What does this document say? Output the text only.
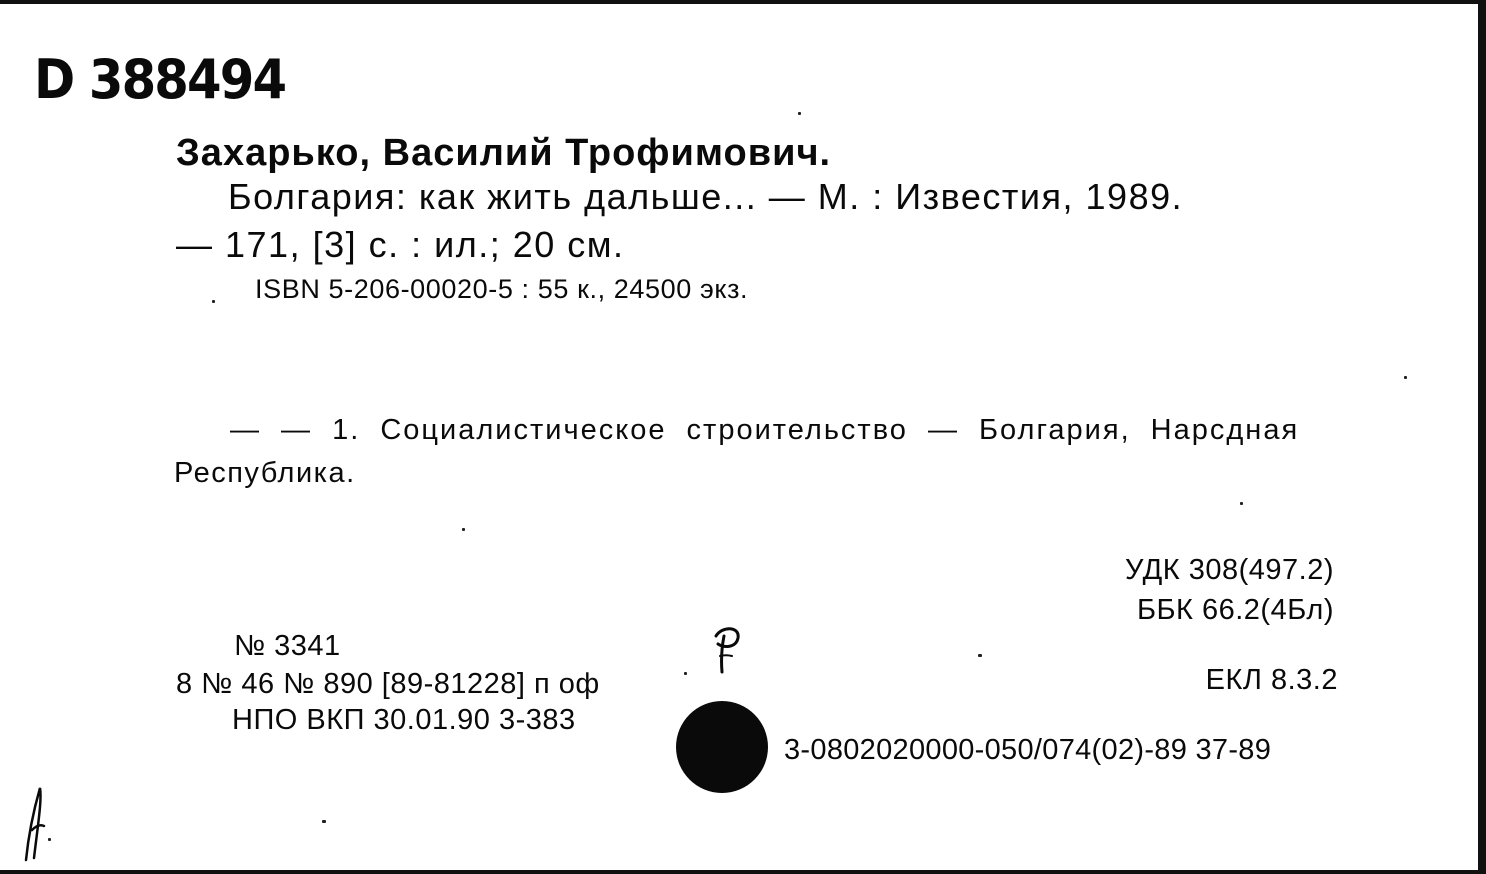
D 388494
Захарько, Василий Трофимович.
Болгария: как жить дальше... — М. : Известия, 1989.
— 171, [3] с. : ил.; 20 см.
ISBN 5-206-00020-5 : 55 к., 24500 экз.
— — 1. Социалистическое строительство — Болгария, Нарсдная
Республика.
УДК 308(497.2)
ББК 66.2(4Бл)
ЕКЛ 8.3.2
№ 3341
8 № 46 № 890 [89-81228] п оф
НПО ВКП 30.01.90 3-383
3-0802020000-050/074(02)-89 37-89
